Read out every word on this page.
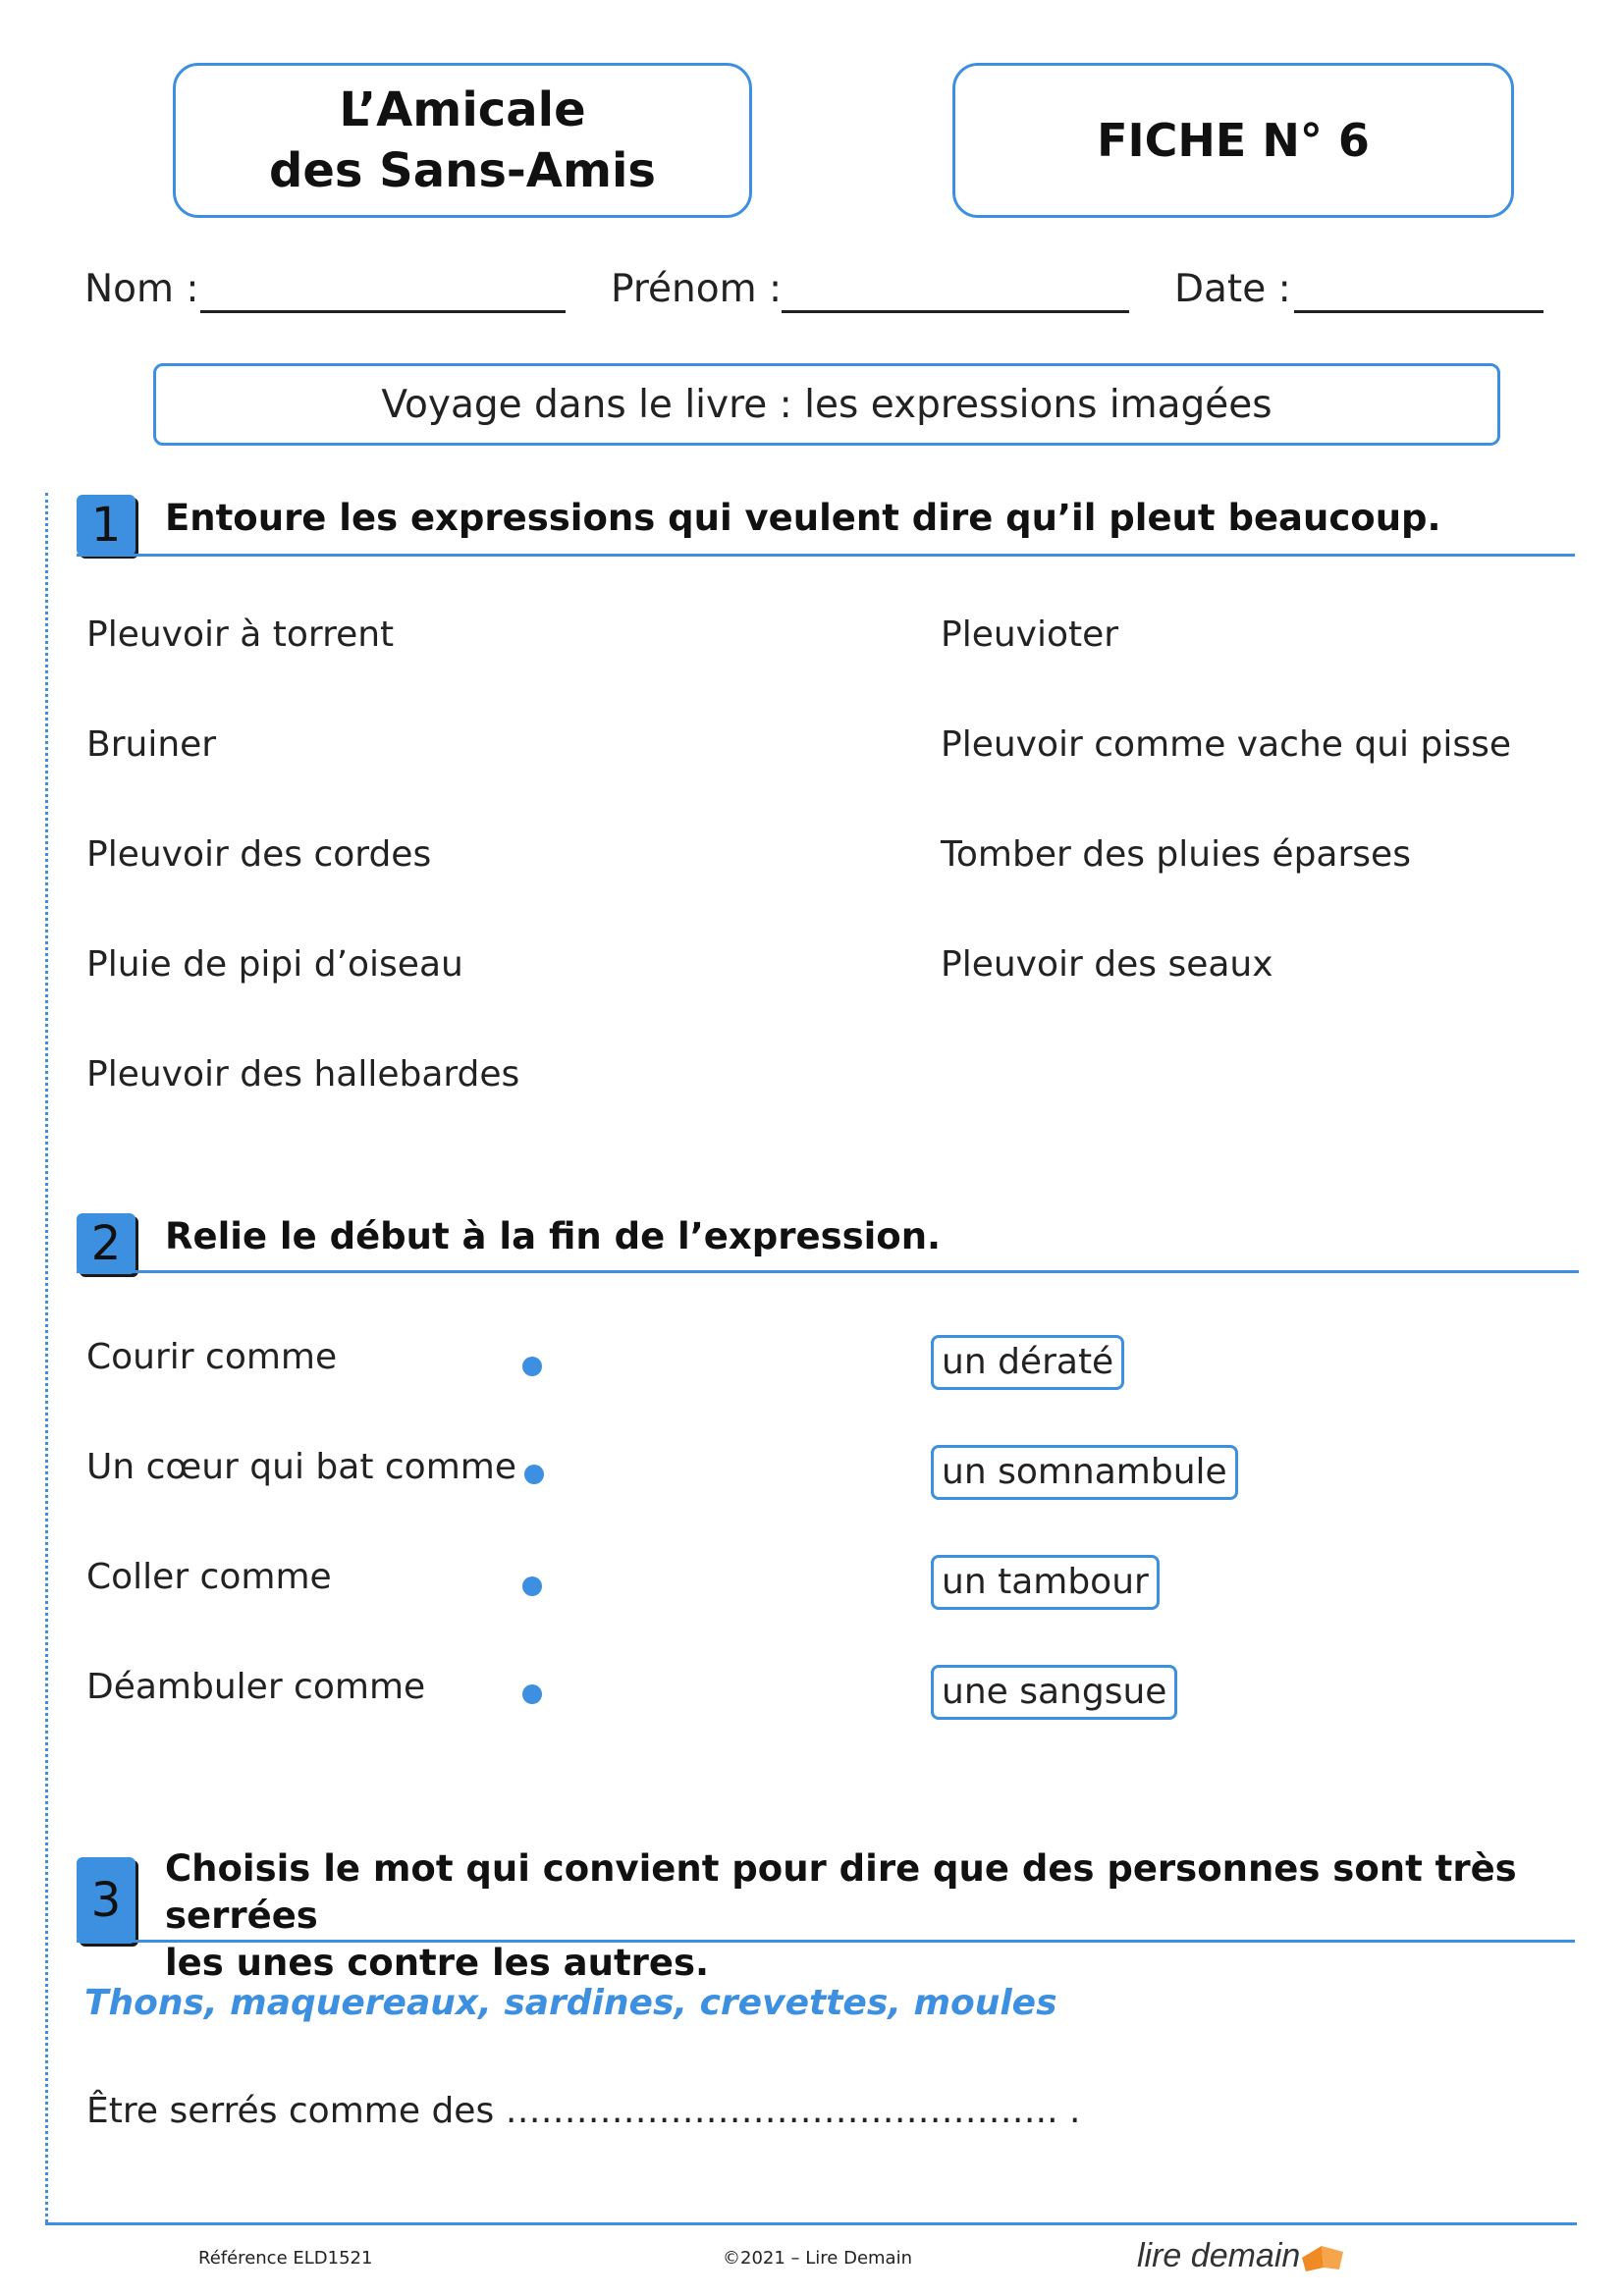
L’Amicale
des Sans-Amis
FICHE N° 6
Nom :	Prénom :	Date :
Voyage dans le livre : les expressions imagées
1 Entoure les expressions qui veulent dire qu’il pleut beaucoup.
Pleuvoir à torrent
Bruiner
Pleuvoir des cordes
Pluie de pipi d’oiseau
Pleuvoir des hallebardes
Pleuvioter
Pleuvoir comme vache qui pisse
Tomber des pluies éparses
Pleuvoir des seaux
2 Relie le début à la fin de l’expression.
Courir comme
Un cœur qui bat comme
Coller comme
Déambuler comme
un dératé
un somnambule
un tambour
une sangsue
3
Choisis le mot qui convient pour dire que des personnes sont très serrées
les unes contre les autres.
Thons, maquereaux, sardines, crevettes, moules
Être serrés comme des ……………………………………….. .
Référence ELD1521	©2021 – Lire Demain	lire demain
